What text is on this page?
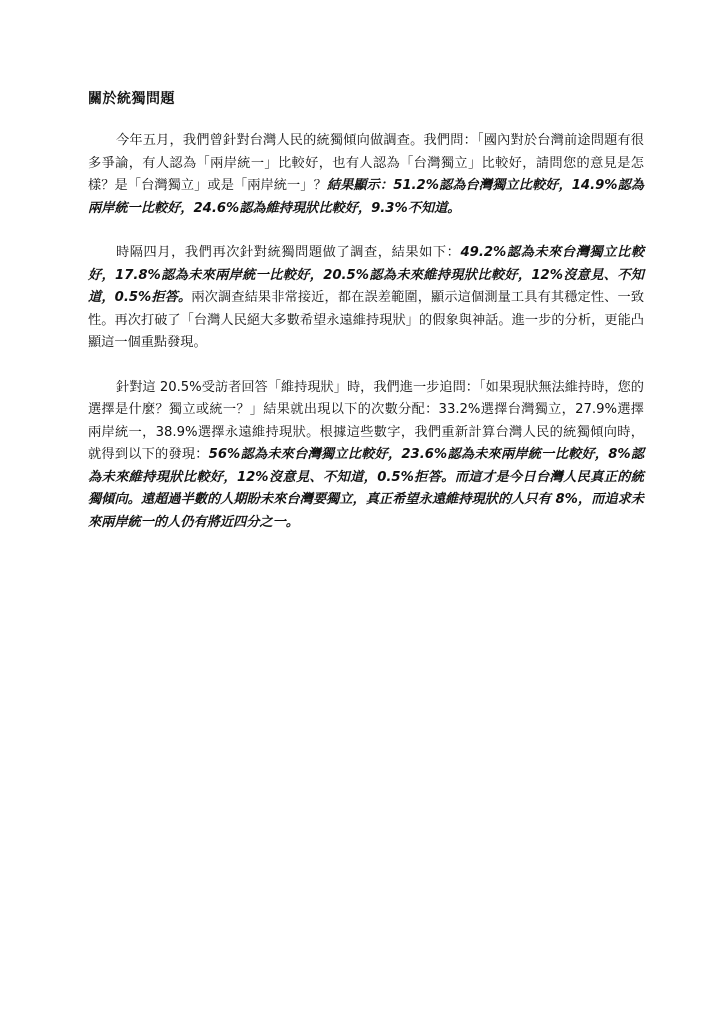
關於統獨問題

今年五月，我們曾針對台灣人民的統獨傾向做調查。我們問：「國內對於台灣前途問題有很多爭論，有人認為「兩岸統一」比較好，也有人認為「台灣獨立」比較好，請問您的意見是怎樣？是「台灣獨立」或是「兩岸統一」？結果顯示：51.2%認為台灣獨立比較好，14.9%認為兩岸統一比較好，24.6%認為維持現狀比較好，9.3%不知道。

時隔四月，我們再次針對統獨問題做了調查，結果如下：49.2%認為未來台灣獨立比較好，17.8%認為未來兩岸統一比較好，20.5%認為未來維持現狀比較好，12%沒意見、不知道，0.5%拒答。兩次調查結果非常接近，都在誤差範圍，顯示這個測量工具有其穩定性、一致性。再次打破了「台灣人民絕大多數希望永遠維持現狀」的假象與神話。進一步的分析，更能凸顯這一個重點發現。

針對這 20.5%受訪者回答「維持現狀」時，我們進一步追問：「如果現狀無法維持時，您的選擇是什麼？獨立或統一？」結果就出現以下的次數分配：33.2%選擇台灣獨立，27.9%選擇兩岸統一，38.9%選擇永遠維持現狀。根據這些數字，我們重新計算台灣人民的統獨傾向時，就得到以下的發現：56%認為未來台灣獨立比較好，23.6%認為未來兩岸統一比較好，8%認為未來維持現狀比較好，12%沒意見、不知道，0.5%拒答。而這才是今日台灣人民真正的統獨傾向。遠超過半數的人期盼未來台灣要獨立，真正希望永遠維持現狀的人只有 8%，而追求未來兩岸統一的人仍有將近四分之一。
